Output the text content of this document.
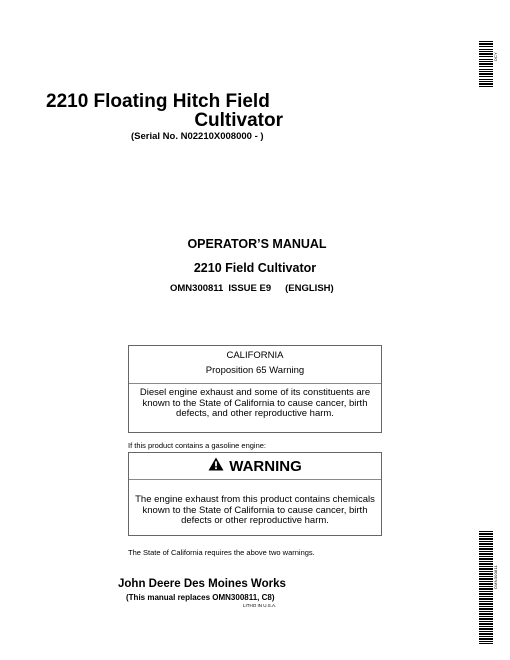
DCY
2210 Floating Hitch Field
Cultivator
(Serial No. N02210X008000 - )
OPERATOR’S MANUAL
2210 Field Cultivator
OMN300811 ISSUE E9 (ENGLISH)
CALIFORNIA
Proposition 65 Warning
Diesel engine exhaust and some of its constituents are known to the State of California to cause cancer, birth defects, and other reproductive harm.
If this product contains a gasoline engine:
WARNING
The engine exhaust from this product contains chemicals known to the State of California to cause cancer, birth defects or other reproductive harm.
The State of California requires the above two warnings.
John Deere Des Moines Works
(This manual replaces OMN300811, C8)
LITHO IN U.S.A.
OMN300811
